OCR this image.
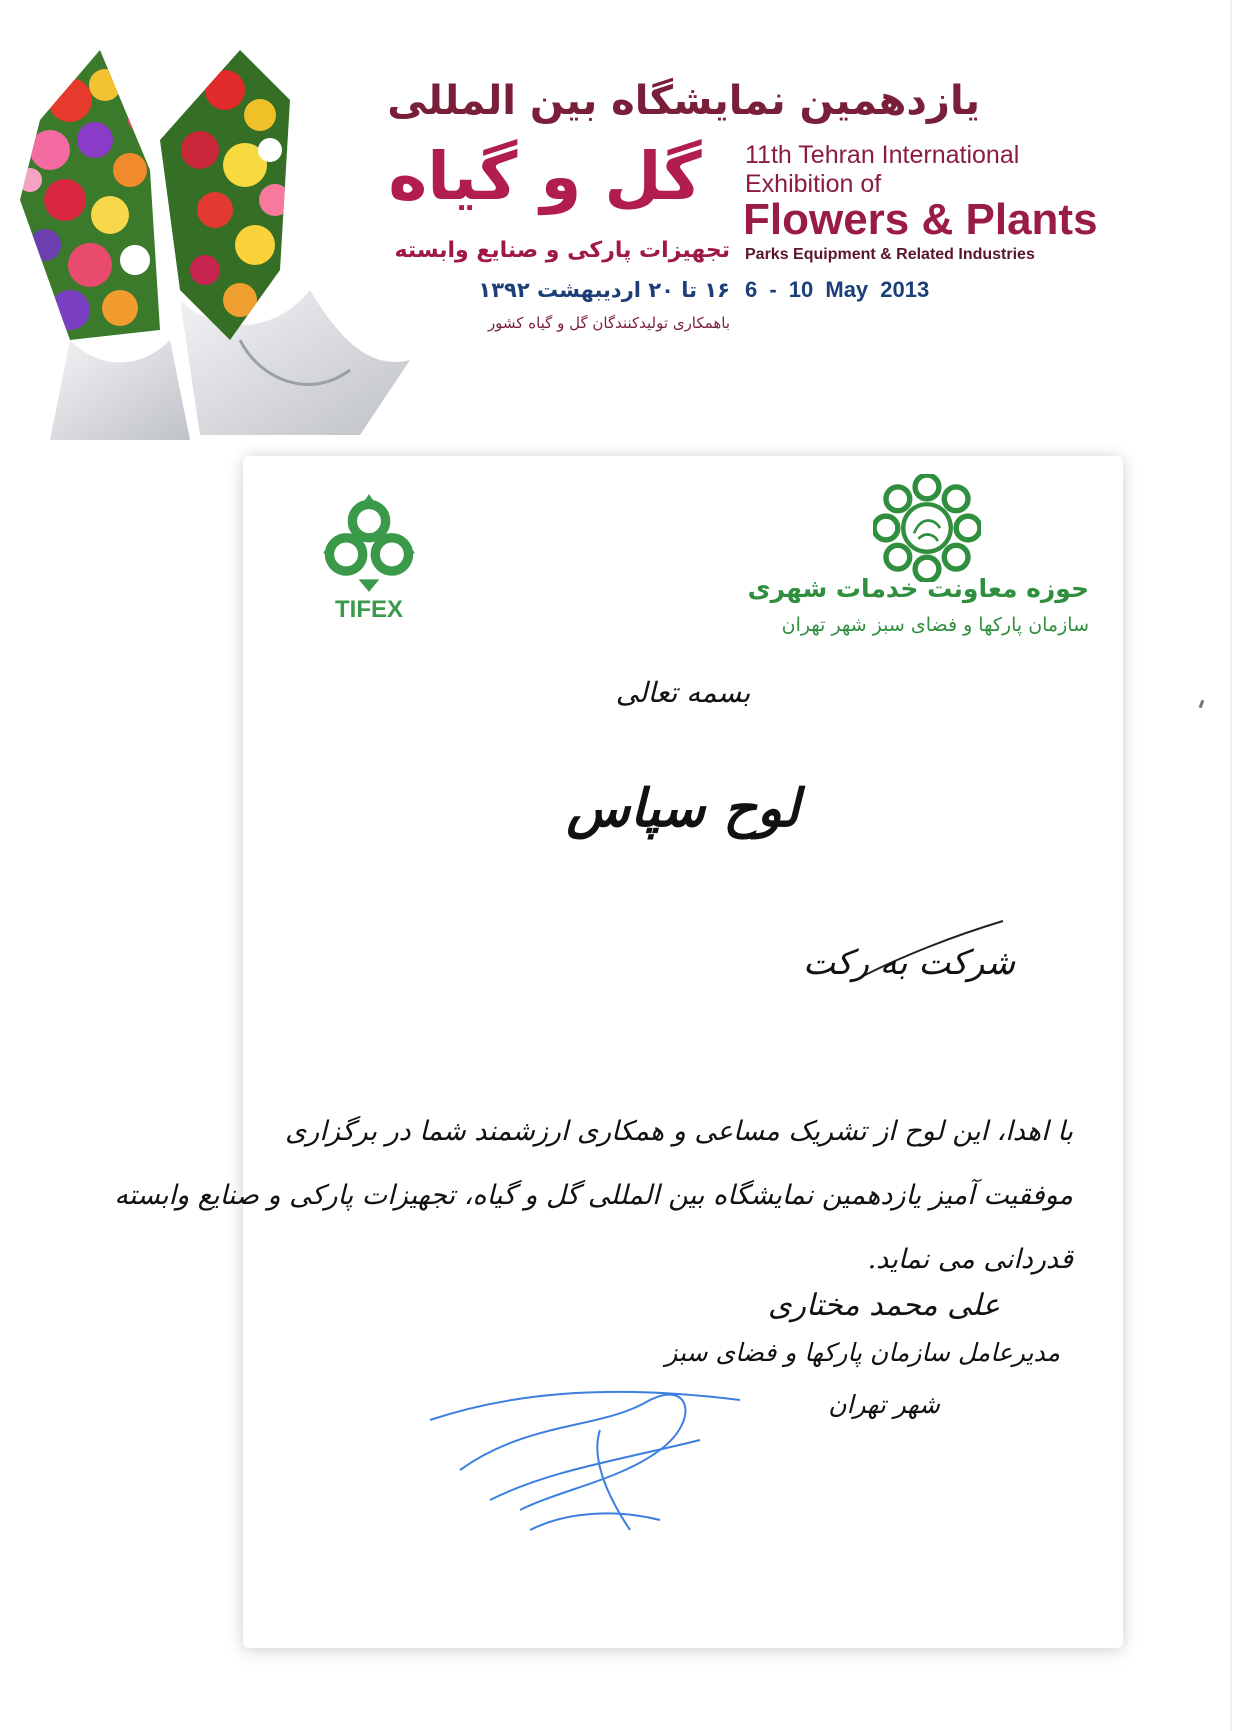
یازدهمین نمایشگاه بین المللی
گل و گیاه
تجهیزات پارکی و صنایع وابسته
۱۶ تا ۲۰ اردیبهشت ۱۳۹۲
باهمکاری تولیدکنندگان گل و گیاه کشور
11th Tehran International
Exhibition of
Flowers & Plants
Parks Equipment & Related Industries
6 - 10 May 2013
TIFEX
حوزه معاونت خدمات شهری
سازمان پارکها و فضای سبز شهر تهران
بسمه تعالی
لوح سپاس
شرکت به رکت
با اهدا، این لوح از تشریک مساعی و همکاری ارزشمند شما در برگزاری
موفقیت آمیز یازدهمین نمایشگاه بین المللی گل و گیاه، تجهیزات پارکی و صنایع وابسته
قدردانی می نماید.
علی محمد مختاری
مدیرعامل سازمان پارکها و فضای سبز
شهر تهران
